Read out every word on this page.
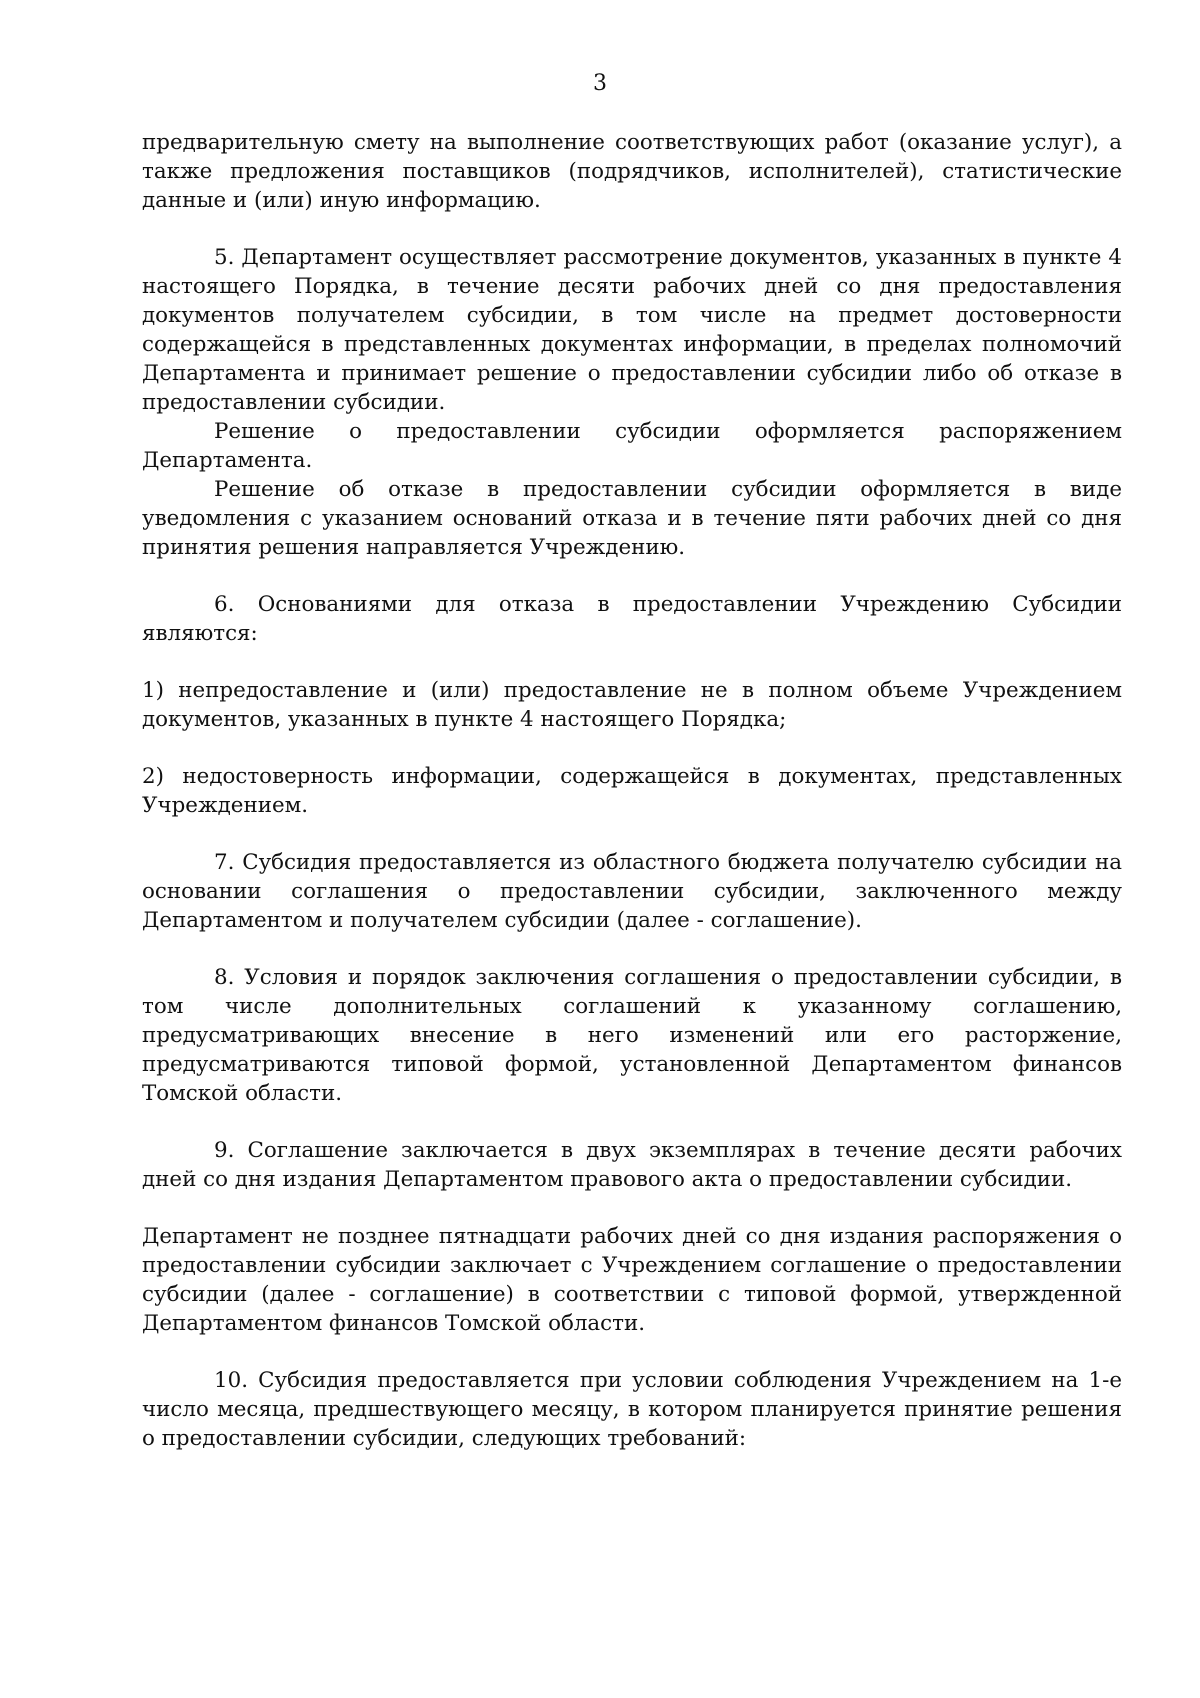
3

предварительную смету на выполнение соответствующих работ (оказание услуг), а также предложения поставщиков (подрядчиков, исполнителей), статистические данные и (или) иную информацию.

5. Департамент осуществляет рассмотрение документов, указанных в пункте 4 настоящего Порядка, в течение десяти рабочих дней со дня предоставления документов получателем субсидии, в том числе на предмет достоверности содержащейся в представленных документах информации, в пределах полномочий Департамента и принимает решение о предоставлении субсидии либо об отказе в предоставлении субсидии.

Решение о предоставлении субсидии оформляется распоряжением Департамента.

Решение об отказе в предоставлении субсидии оформляется в виде уведомления с указанием оснований отказа и в течение пяти рабочих дней со дня принятия решения направляется Учреждению.

6. Основаниями для отказа в предоставлении Учреждению Субсидии являются:

1) непредоставление и (или) предоставление не в полном объеме Учреждением документов, указанных в пункте 4 настоящего Порядка;

2) недостоверность информации, содержащейся в документах, представленных Учреждением.

7. Субсидия предоставляется из областного бюджета получателю субсидии на основании соглашения о предоставлении субсидии, заключенного между Департаментом и получателем субсидии (далее - соглашение).

8. Условия и порядок заключения соглашения о предоставлении субсидии, в том числе дополнительных соглашений к указанному соглашению, предусматривающих внесение в него изменений или его расторжение, предусматриваются типовой формой, установленной Департаментом финансов Томской области.

9. Соглашение заключается в двух экземплярах в течение десяти рабочих дней со дня издания Департаментом правового акта о предоставлении субсидии.

Департамент не позднее пятнадцати рабочих дней со дня издания распоряжения о предоставлении субсидии заключает с Учреждением соглашение о предоставлении субсидии (далее - соглашение) в соответствии с типовой формой, утвержденной Департаментом финансов Томской области.

10. Субсидия предоставляется при условии соблюдения Учреждением на 1-е число месяца, предшествующего месяцу, в котором планируется принятие решения о предоставлении субсидии, следующих требований:
